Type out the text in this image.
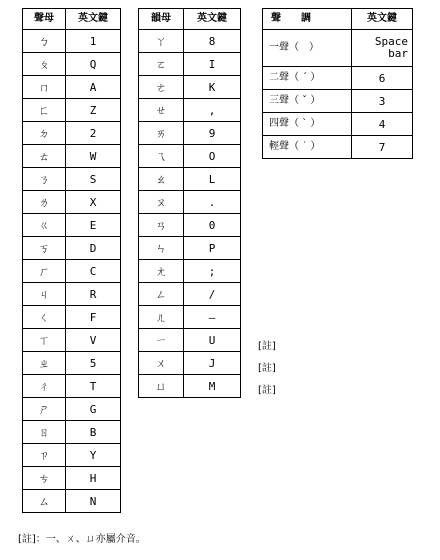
聲母	英文鍵
ㄅ	1
ㄆ	Q
ㄇ	A
ㄈ	Z
ㄉ	2
ㄊ	W
ㄋ	S
ㄌ	X
ㄍ	E
ㄎ	D
ㄏ	C
ㄐ	R
ㄑ	F
ㄒ	V
ㄓ	5
ㄔ	T
ㄕ	G
ㄖ	B
ㄗ	Y
ㄘ	H
ㄙ	N
韻母	英文鍵
ㄚ	8
ㄛ	I
ㄜ	K
ㄝ	,
ㄞ	9
ㄟ	O
ㄠ	L
ㄡ	.
ㄢ	0
ㄣ	P
ㄤ	;
ㄥ	/
ㄦ	—
ㄧ	U
ㄨ	J
ㄩ	M
聲　　調	英文鍵
一聲（　）	Space
bar
二聲（ ˊ ）	6
三聲（ ˇ ）	3
四聲（ ˋ ）	4
輕聲（ ˙ ）	7
[註]
[註]
[註]
[註]：一、ㄨ、ㄩ亦屬介音。
